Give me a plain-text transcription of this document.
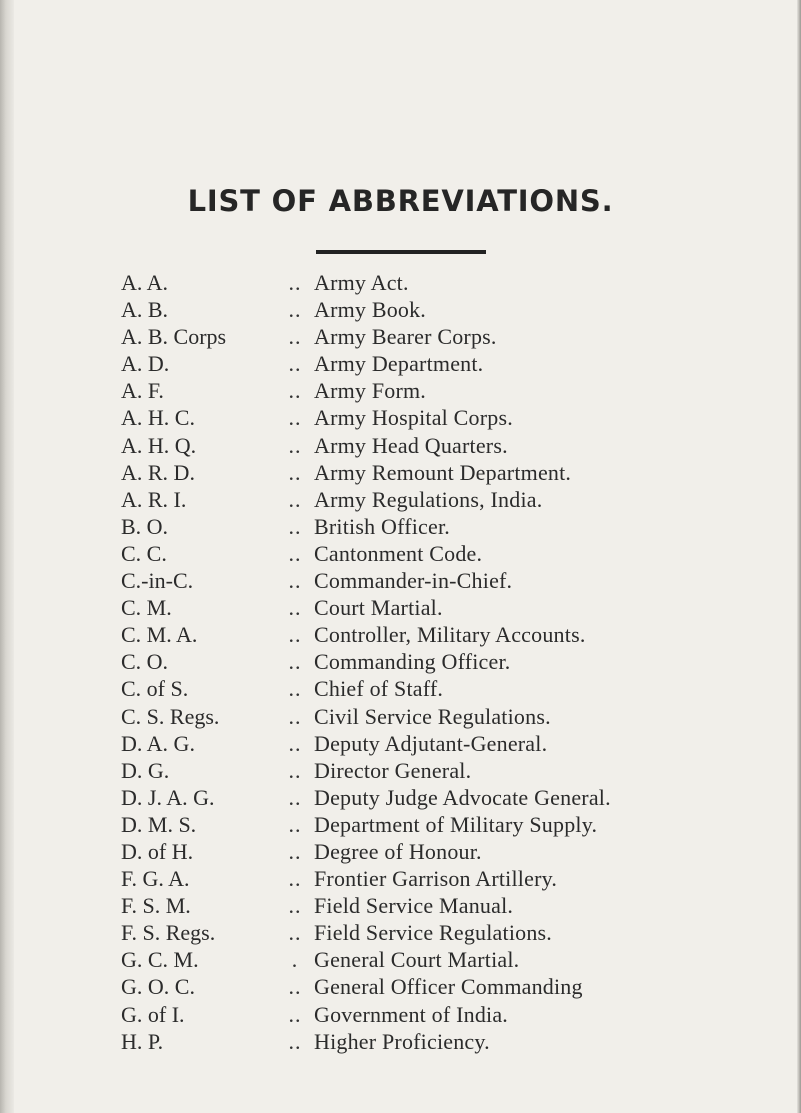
LIST OF ABBREVIATIONS.
A. A.	.. Army Act.
A. B.	.. Army Book.
A. B. Corps	.. Army Bearer Corps.
A. D.	.. Army Department.
A. F.	.. Army Form.
A. H. C.	.. Army Hospital Corps.
A. H. Q.	.. Army Head Quarters.
A. R. D.	.. Army Remount Department.
A. R. I.	.. Army Regulations, India.
B. O.	.. British Officer.
C. C.	.. Cantonment Code.
C.-in-C.	.. Commander-in-Chief.
C. M.	.. Court Martial.
C. M. A.	.. Controller, Military Accounts.
C. O.	.. Commanding Officer.
C. of S.	.. Chief of Staff.
C. S. Regs.	.. Civil Service Regulations.
D. A. G.	.. Deputy Adjutant-General.
D. G.	.. Director General.
D. J. A. G.	.. Deputy Judge Advocate General.
D. M. S.	.. Department of Military Supply.
D. of H.	.. Degree of Honour.
F. G. A.	.. Frontier Garrison Artillery.
F. S. M.	.. Field Service Manual.
F. S. Regs.	.. Field Service Regulations.
G. C. M.	. General Court Martial.
G. O. C.	.. General Officer Commanding
G. of I.	.. Government of India.
H. P.	.. Higher Proficiency.
